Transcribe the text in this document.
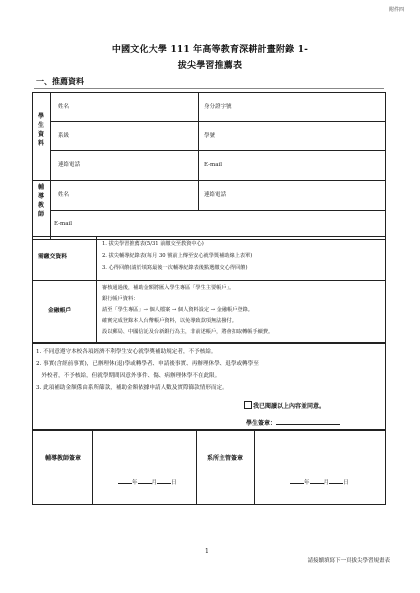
附件四
中國文化大學 111 年高等教育深耕計畫附錄 1-
拔尖學習推薦表
一、推薦資料
學生資料
輔導教師
姓名	身分證字號
系級	學號
連絡電話	E-mail
姓名	連絡電話
E-mail
需繳交資料
1. 拔尖學習推薦表(5/31 前繳交至教資中心)
2. 拔尖輔導紀錄表(每月 30 號前上傳至安心就學獎補助線上表單)
3. 心得回饋(請於填寫最後一次輔導紀錄表後點選繳交心得回饋)
金融帳戶
審核通過後，補助金額將匯入學生專區「學生主要帳戶」。
銀行帳戶資料：
請至「學生專區」→ 個人檔案 → 個人資料設定 → 金融帳戶登錄。
確實完成登錄本人台幣帳戶資料，以免導致款項無法撥付。
設以郵局、中國信託及台新銀行為主，非前述帳戶，將會扣取轉帳手續費。
1. 不同意遵守本校各項經濟不利學生安心就學獎補助規定者，不予核給。
2. 事實(含經前事實)，已辦理休(退)學或轉學者、申請後事實、再辦理休學、退學或轉學至
外校者，不予核給，但就學期間因意外事件、傷、病辦理休學不在此限。
3. 此項補助金額係由系所篩款，補助金額依據申請人數及實際篩款情形而定。
我已閱讀以上內容並同意。
學生簽章：
輔導教師簽章	系所主管簽章
年	月	日	年	月	日
1
請接續填寫下一頁拔尖學習規畫表
